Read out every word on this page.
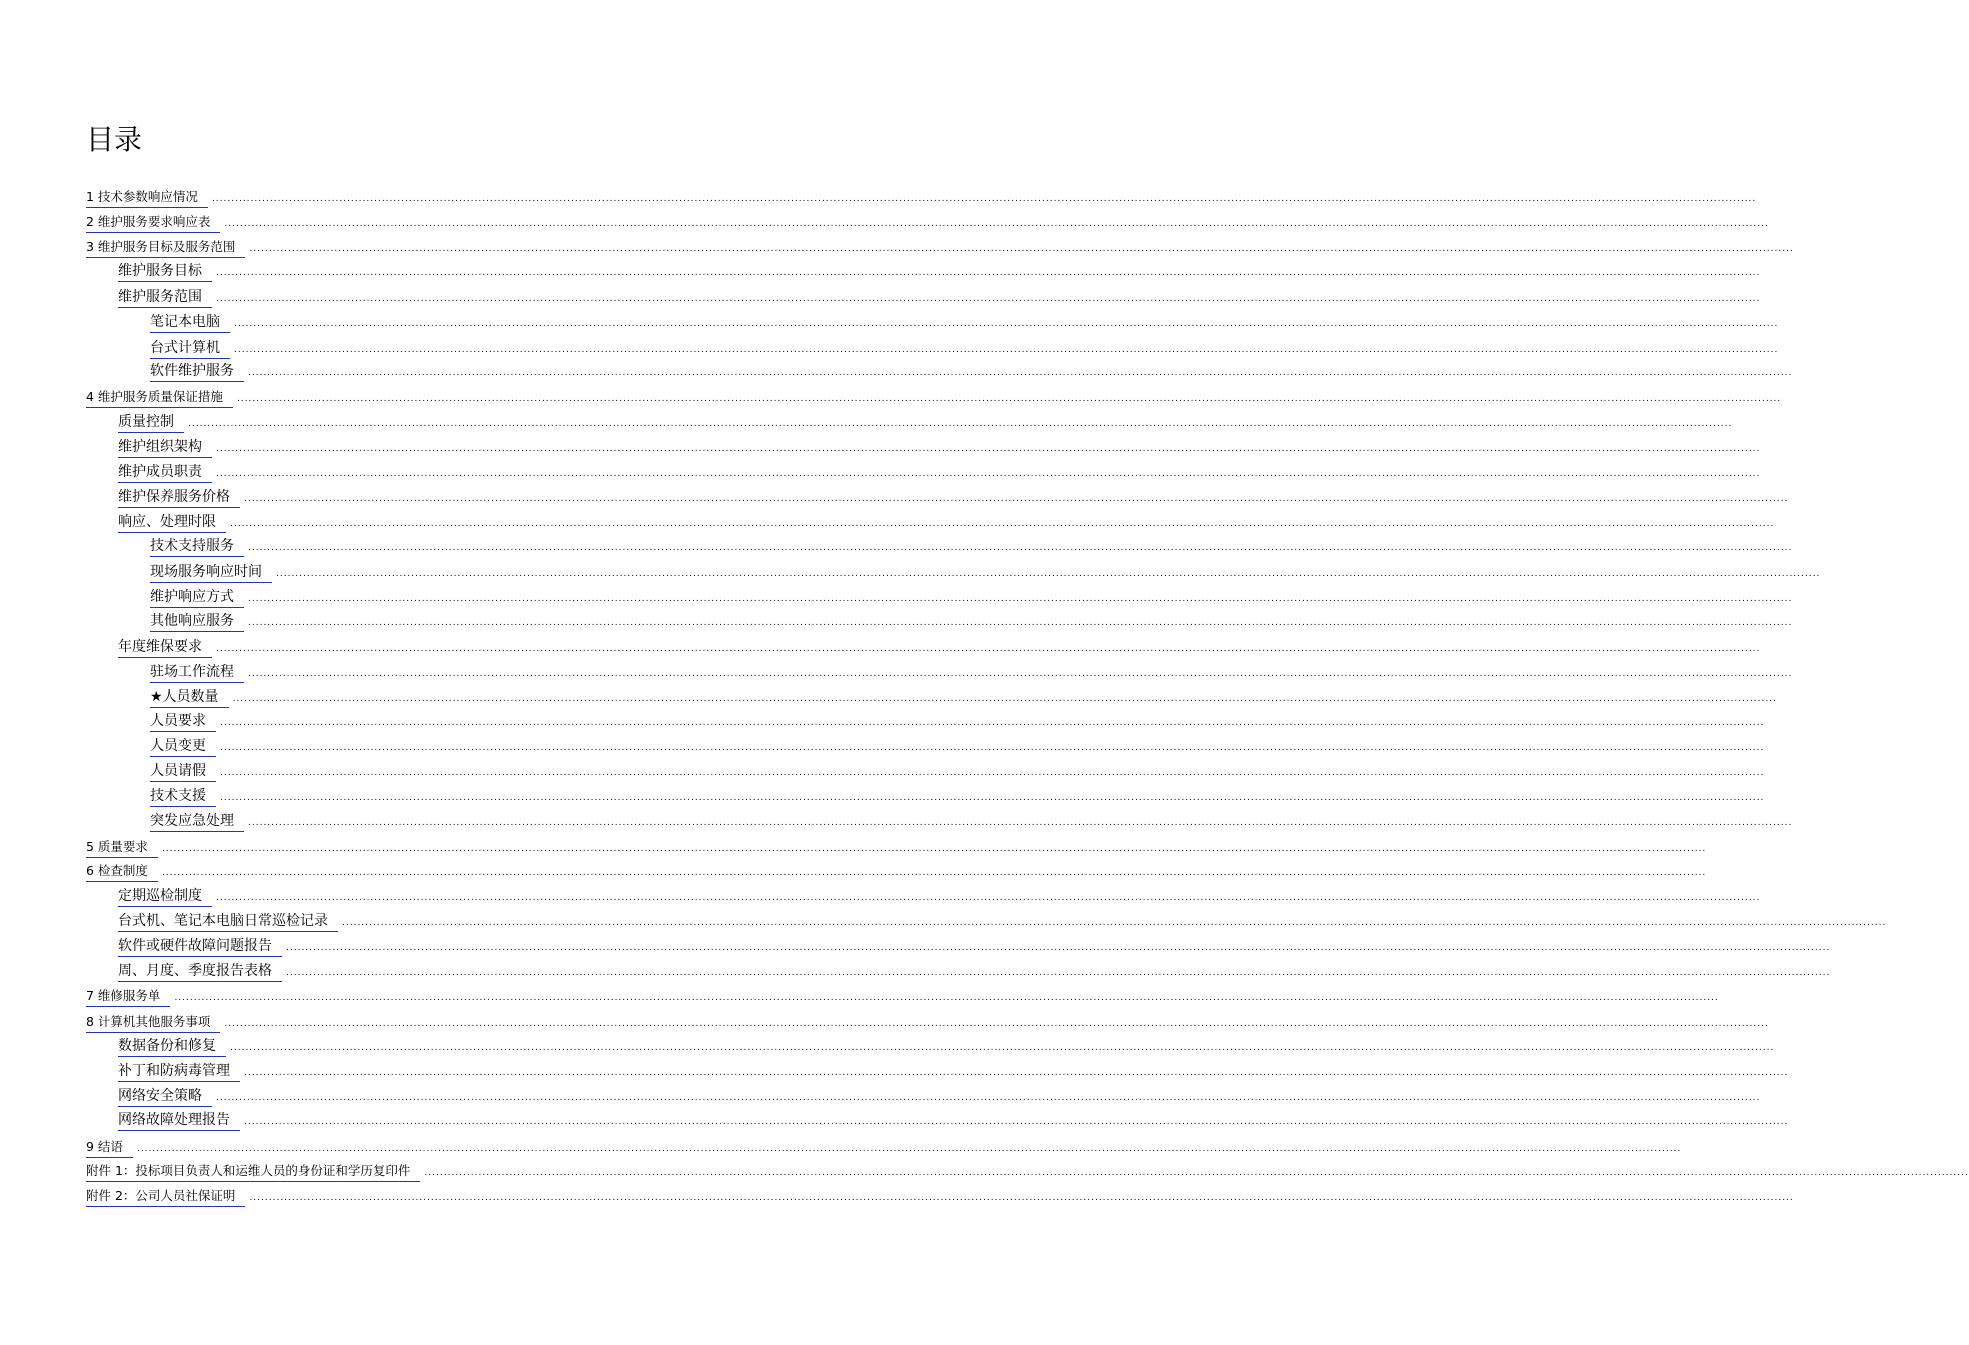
目录
1 技术参数响应情况	................................................................................................................................................................................................................................................................................................................................................................................................................
2 维护服务要求响应表	................................................................................................................................................................................................................................................................................................................................................................................................................
3 维护服务目标及服务范围	................................................................................................................................................................................................................................................................................................................................................................................................................
维护服务目标	................................................................................................................................................................................................................................................................................................................................................................................................................
维护服务范围	................................................................................................................................................................................................................................................................................................................................................................................................................
笔记本电脑	................................................................................................................................................................................................................................................................................................................................................................................................................
台式计算机	................................................................................................................................................................................................................................................................................................................................................................................................................
软件维护服务	................................................................................................................................................................................................................................................................................................................................................................................................................
4 维护服务质量保证措施	................................................................................................................................................................................................................................................................................................................................................................................................................
质量控制	................................................................................................................................................................................................................................................................................................................................................................................................................
维护组织架构	................................................................................................................................................................................................................................................................................................................................................................................................................
维护成员职责	................................................................................................................................................................................................................................................................................................................................................................................................................
维护保养服务价格	................................................................................................................................................................................................................................................................................................................................................................................................................
响应、处理时限	................................................................................................................................................................................................................................................................................................................................................................................................................
技术支持服务	................................................................................................................................................................................................................................................................................................................................................................................................................
现场服务响应时间	................................................................................................................................................................................................................................................................................................................................................................................................................
维护响应方式	................................................................................................................................................................................................................................................................................................................................................................................................................
其他响应服务	................................................................................................................................................................................................................................................................................................................................................................................................................
年度维保要求	................................................................................................................................................................................................................................................................................................................................................................................................................
驻场工作流程	................................................................................................................................................................................................................................................................................................................................................................................................................
★人员数量	................................................................................................................................................................................................................................................................................................................................................................................................................
人员要求	................................................................................................................................................................................................................................................................................................................................................................................................................
人员变更	................................................................................................................................................................................................................................................................................................................................................................................................................
人员请假	................................................................................................................................................................................................................................................................................................................................................................................................................
技术支援	................................................................................................................................................................................................................................................................................................................................................................................................................
突发应急处理	................................................................................................................................................................................................................................................................................................................................................................................................................
5 质量要求	................................................................................................................................................................................................................................................................................................................................................................................................................
6 检查制度	................................................................................................................................................................................................................................................................................................................................................................................................................
定期巡检制度	................................................................................................................................................................................................................................................................................................................................................................................................................
台式机、笔记本电脑日常巡检记录	................................................................................................................................................................................................................................................................................................................................................................................................................
软件或硬件故障问题报告	................................................................................................................................................................................................................................................................................................................................................................................................................
周、月度、季度报告表格	................................................................................................................................................................................................................................................................................................................................................................................................................
7 维修服务单	................................................................................................................................................................................................................................................................................................................................................................................................................
8 计算机其他服务事项	................................................................................................................................................................................................................................................................................................................................................................................................................
数据备份和修复	................................................................................................................................................................................................................................................................................................................................................................................................................
补丁和防病毒管理	................................................................................................................................................................................................................................................................................................................................................................................................................
网络安全策略	................................................................................................................................................................................................................................................................................................................................................................................................................
网络故障处理报告	................................................................................................................................................................................................................................................................................................................................................................................................................
9 结语	................................................................................................................................................................................................................................................................................................................................................................................................................
附件 1：投标项目负责人和运维人员的身份证和学历复印件	................................................................................................................................................................................................................................................................................................................................................................................................................
附件 2：公司人员社保证明	................................................................................................................................................................................................................................................................................................................................................................................................................
